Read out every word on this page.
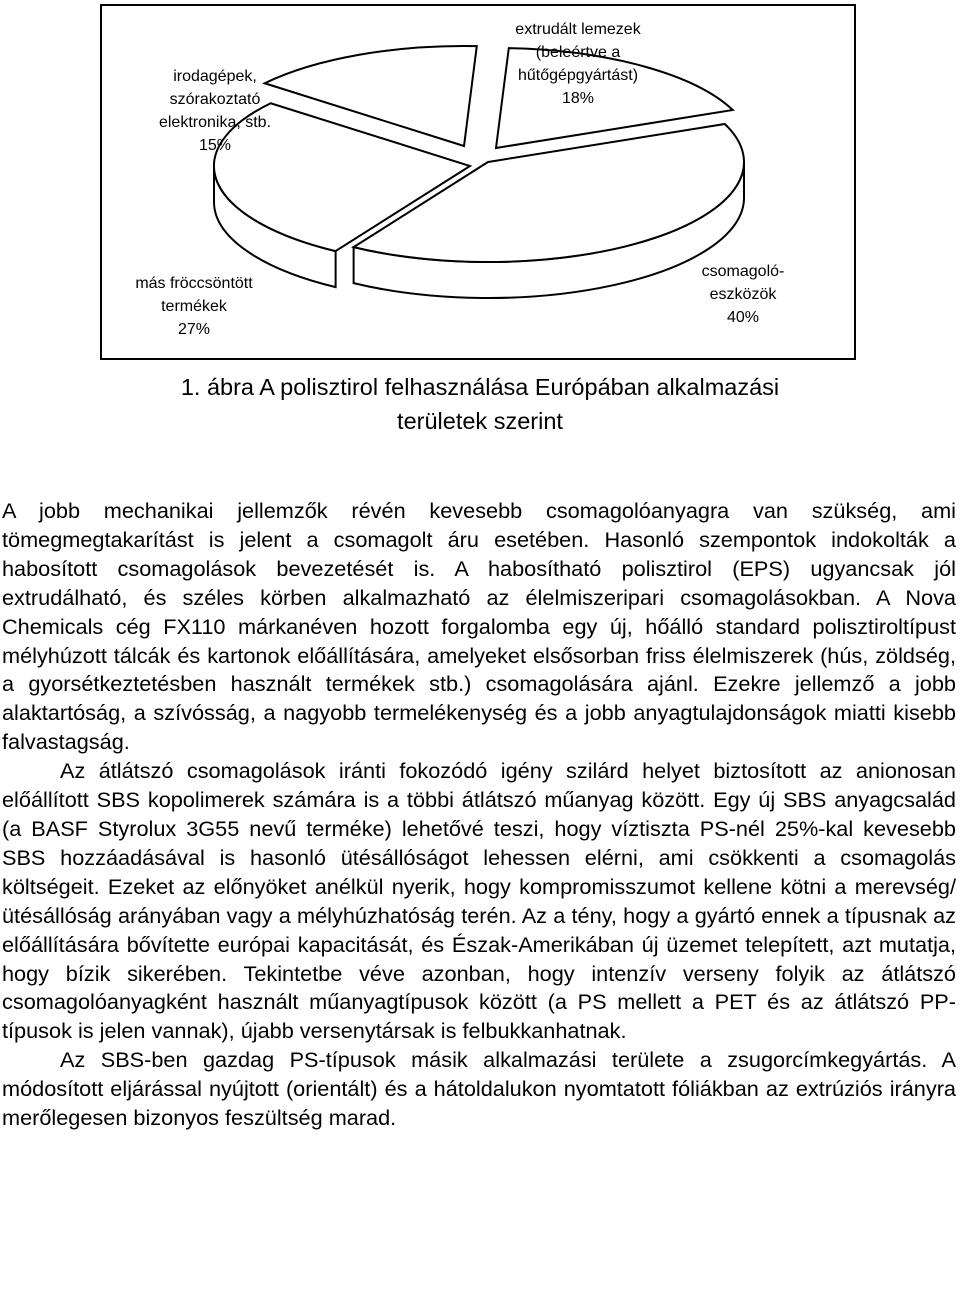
extrudált lemezek
(beleértve a
hűtőgépgyártást)
18%
csomagoló-
eszközök
40%
más fröccsöntött
termékek
27%
irodagépek,
szórakoztató
elektronika, stb.
15%
1. ábra A polisztirol felhasználása Európában alkalmazási
területek szerint

A jobb mechanikai jellemzők révén kevesebb csomagolóanyagra van szükség, ami tömegmegtakarítást is jelent a csomagolt áru esetében. Hasonló szempontok indokolták a habosított csomagolások bevezetését is. A habosítható polisztirol (EPS) ugyancsak jól extrudálható, és széles körben alkalmazható az élelmiszeripari csomagolásokban. A Nova Chemicals cég FX110 márkanéven hozott forgalomba egy új, hőálló standard polisztiroltípust mélyhúzott tálcák és kartonok előállítására, amelyeket elsősorban friss élelmiszerek (hús, zöldség, a gyorsétkeztetésben használt termékek stb.) csomagolására ajánl. Ezekre jellemző a jobb alaktartóság, a szívósság, a nagyobb termelékenység és a jobb anyagtulajdonságok miatti kisebb falvastagság.

Az átlátszó csomagolások iránti fokozódó igény szilárd helyet biztosított az anionosan előállított SBS kopolimerek számára is a többi átlátszó műanyag között. Egy új SBS anyagcsalád (a BASF Styrolux 3G55 nevű terméke) lehetővé teszi, hogy víztiszta PS-nél 25%-kal kevesebb SBS hozzáadásával is hasonló ütésállóságot lehessen elérni, ami csökkenti a csomagolás költségeit. Ezeket az előnyöket anélkül nyerik, hogy kompromisszumot kellene kötni a merevség/ütésállóság arányában vagy a mélyhúzhatóság terén. Az a tény, hogy a gyártó ennek a típusnak az előállítására bővítette európai kapacitását, és Észak-Amerikában új üzemet telepített, azt mutatja, hogy bízik sikerében. Tekintetbe véve azonban, hogy intenzív verseny folyik az átlátszó csomagolóanyagként használt műanyagtípusok között (a PS mellett a PET és az átlátszó PP-típusok is jelen vannak), újabb versenytársak is felbukkanhatnak.

Az SBS-ben gazdag PS-típusok másik alkalmazási területe a zsugorcímkegyártás. A módosított eljárással nyújtott (orientált) és a hátoldalukon nyomtatott fóliákban az extrúziós irányra merőlegesen bizonyos feszültség marad.
